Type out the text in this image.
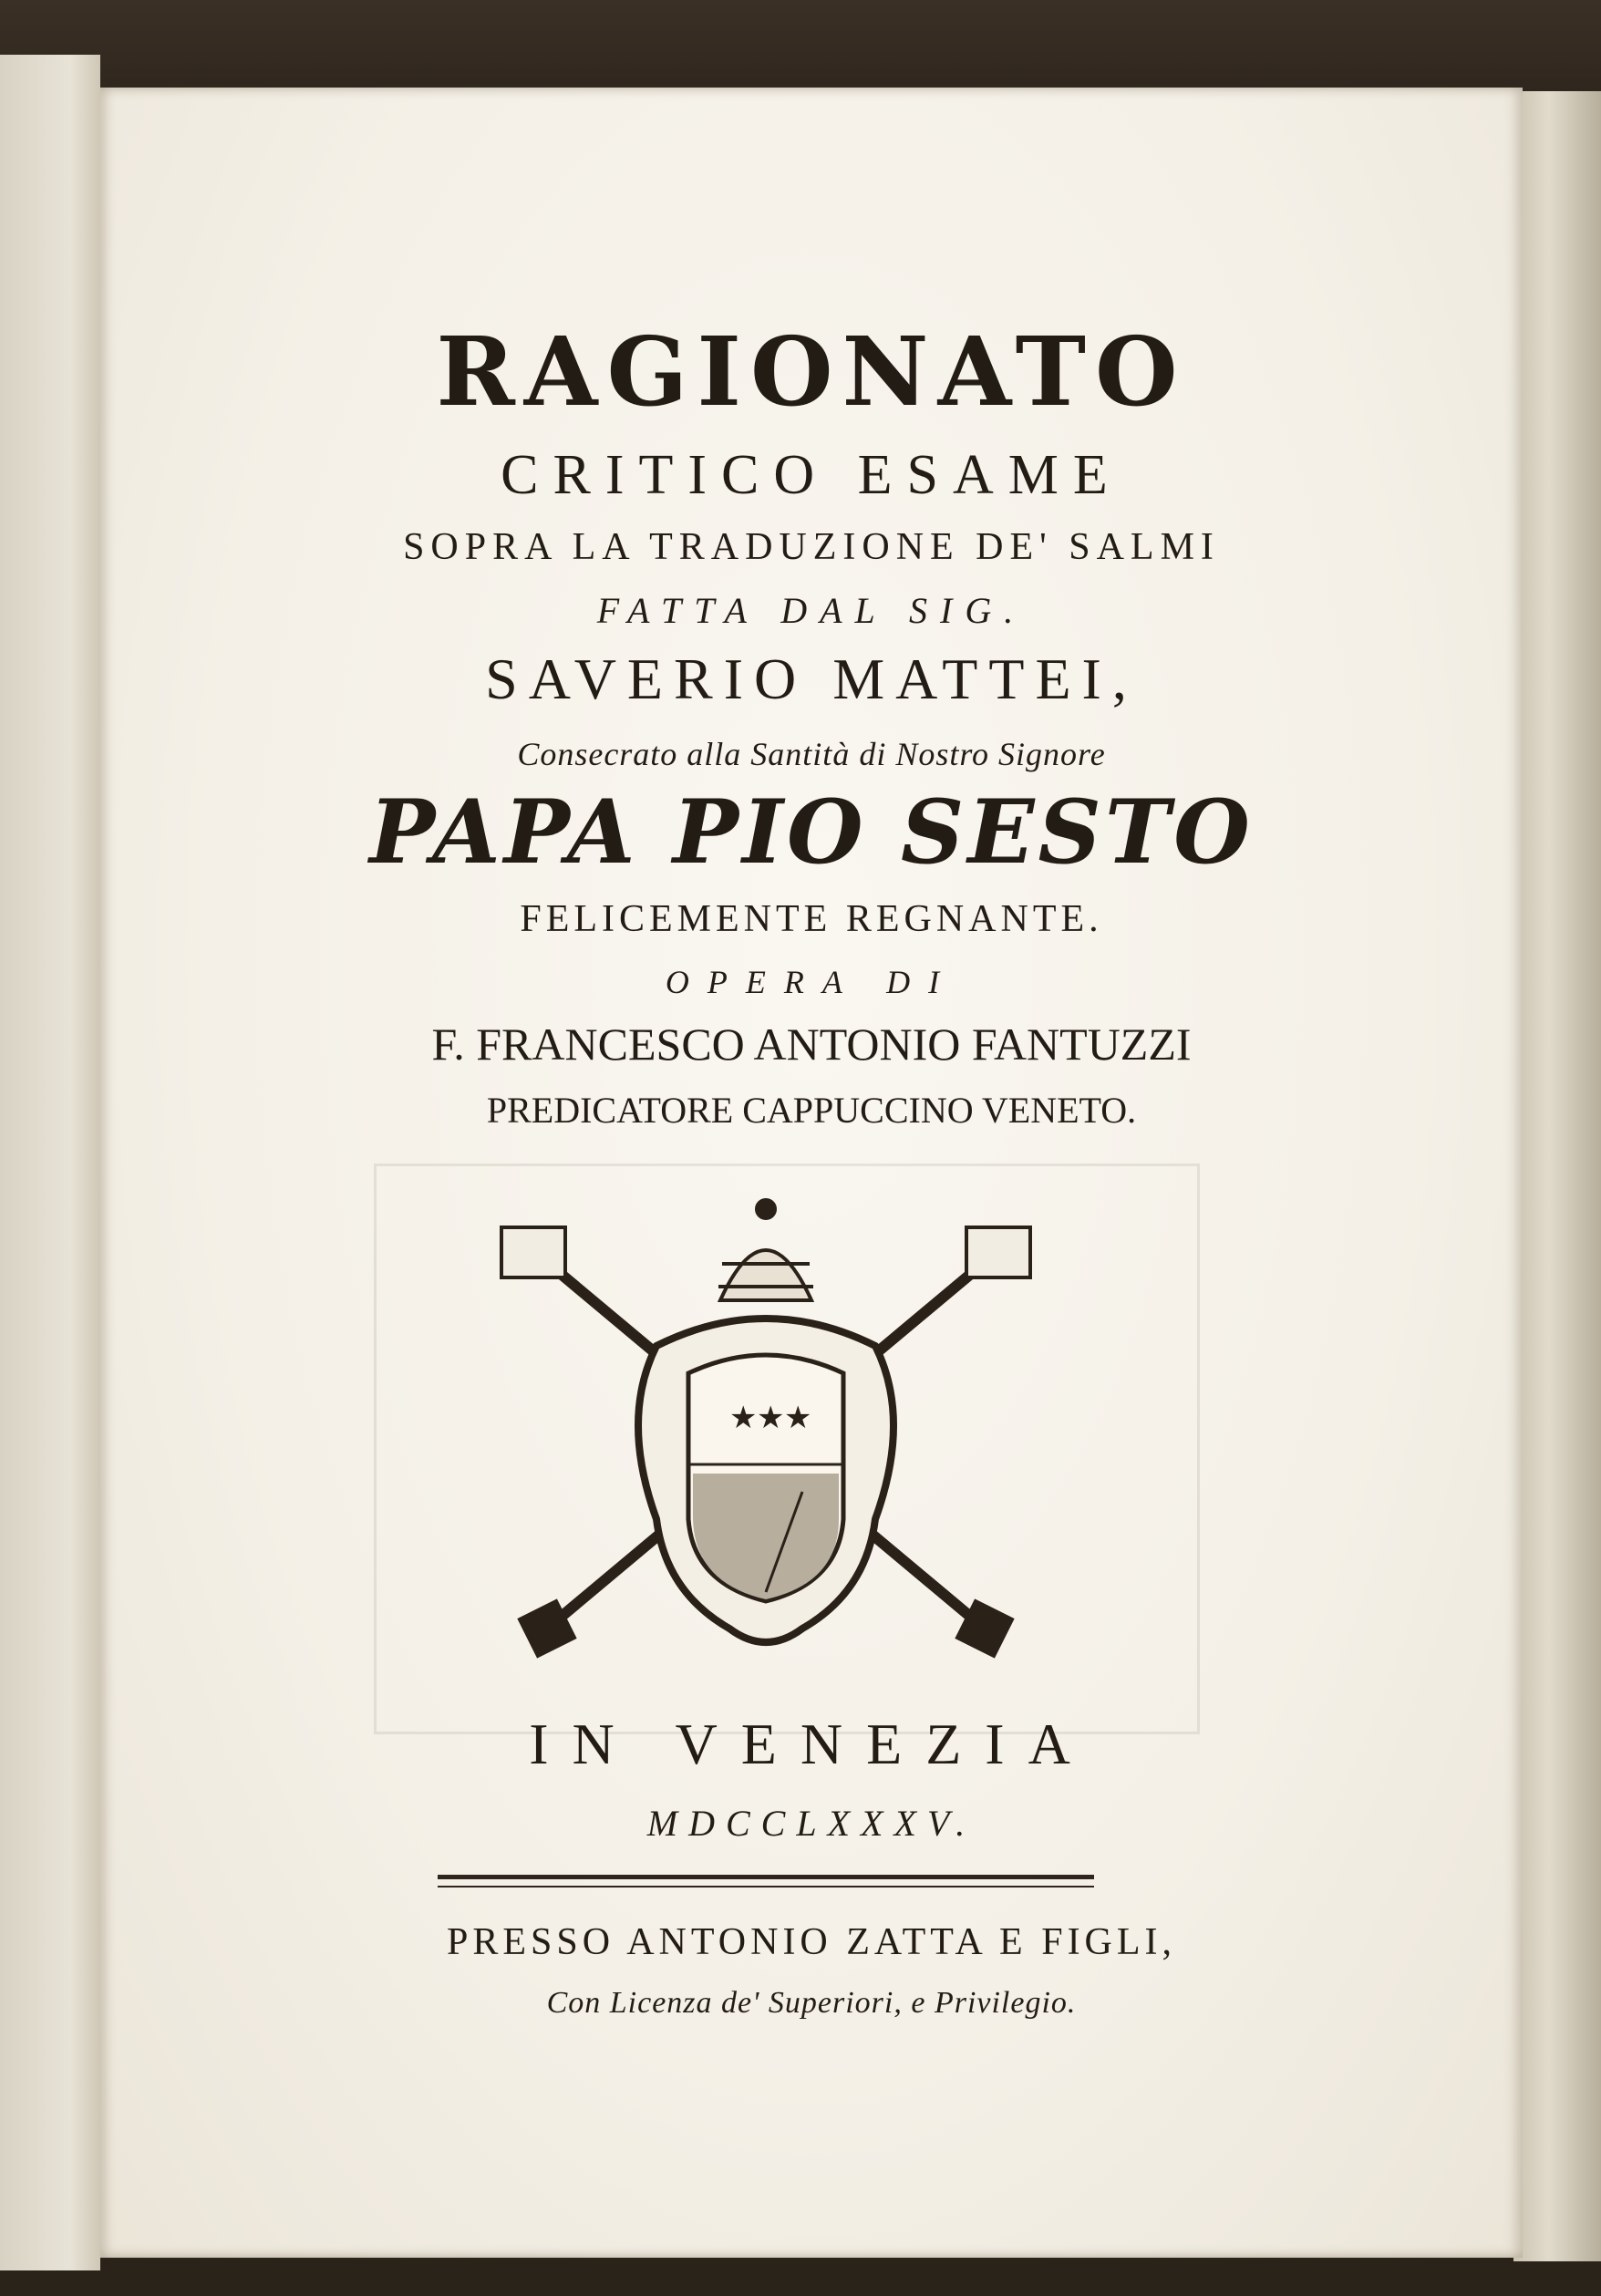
RAGIONATO
CRITICO ESAME
SOPRA LA TRADUZIONE DE' SALMI
FATTA DAL SIG.
SAVERIO MATTEI,
Consecrato alla Santità di Nostro Signore
PAPA PIO SESTO
FELICEMENTE REGNANTE.
OPERA DI
F. FRANCESCO ANTONIO FANTUZZI
PREDICATORE CAPPUCCINO VENETO.
★ ★ ★
IN VENEZIA
MDCCLXXXV.
PRESSO ANTONIO ZATTA E FIGLI,
Con Licenza de' Superiori, e Privilegio.
